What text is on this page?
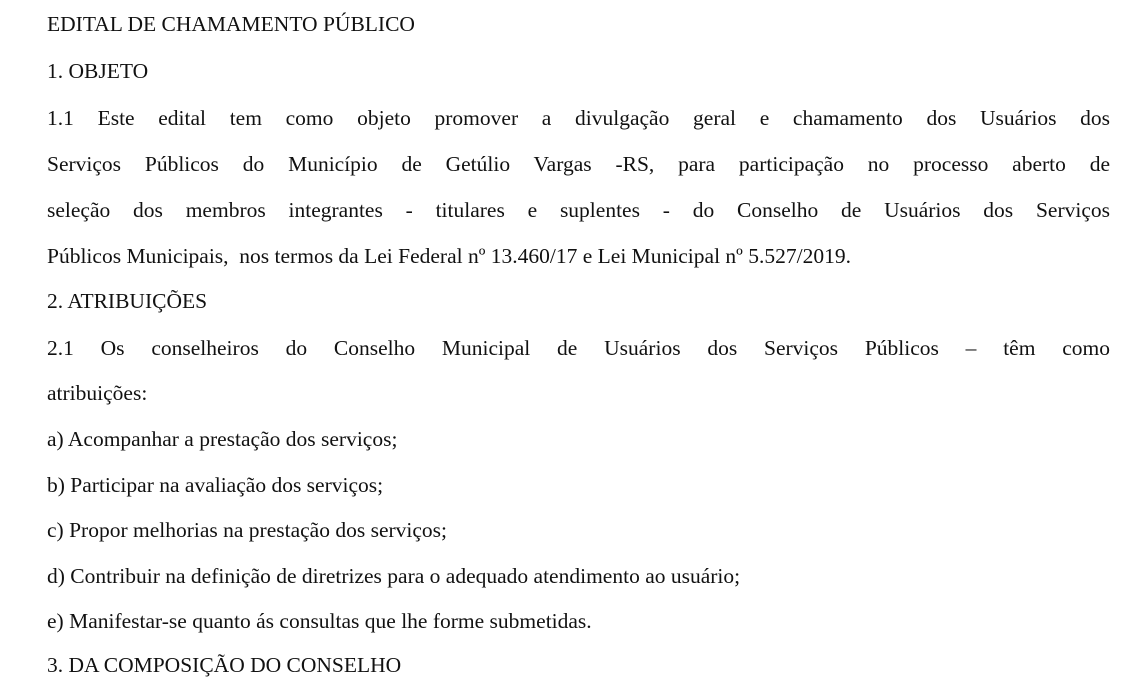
EDITAL DE CHAMAMENTO PÚBLICO
1. OBJETO
1.1 Este edital tem como objeto promover a divulgação geral e chamamento dos Usuários dos
Serviços Públicos do Município de Getúlio Vargas -RS, para participação no processo aberto de
seleção dos membros integrantes - titulares e suplentes - do Conselho de Usuários dos Serviços
Públicos Municipais,  nos termos da Lei Federal nº 13.460/17 e Lei Municipal nº 5.527/2019.
2. ATRIBUIÇÕES
2.1 Os conselheiros do Conselho Municipal de Usuários dos Serviços Públicos – têm como
atribuições:
a) Acompanhar a prestação dos serviços;
b) Participar na avaliação dos serviços;
c) Propor melhorias na prestação dos serviços;
d) Contribuir na definição de diretrizes para o adequado atendimento ao usuário;
e) Manifestar-se quanto ás consultas que lhe forme submetidas.
3. DA COMPOSIÇÃO DO CONSELHO
